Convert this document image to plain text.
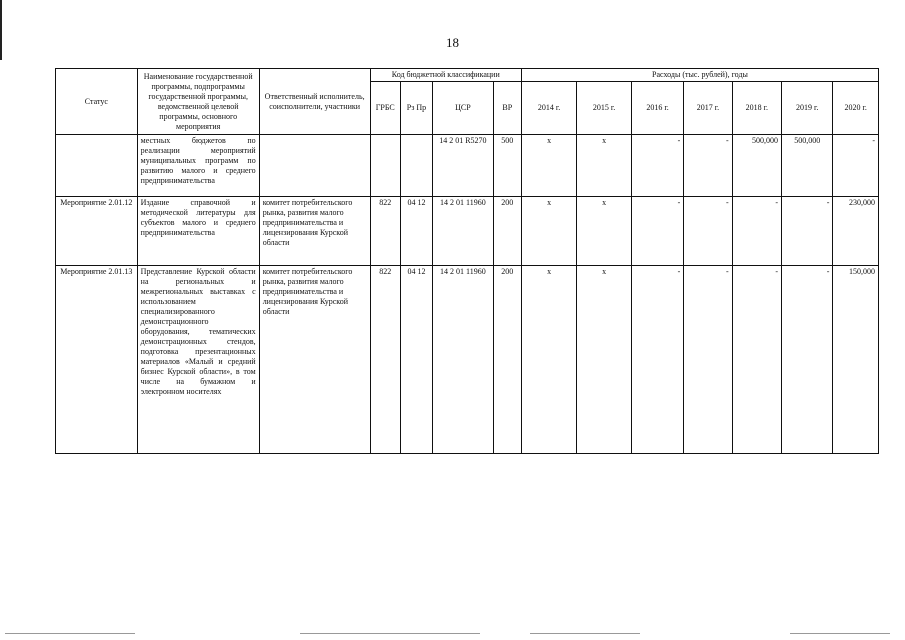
18
Статус	Наименование государственной программы, подпрограммы государственной программы, ведомственной целевой программы, основного мероприятия	Ответственный исполнитель, соисполнители, участники	Код бюджетной классификации				Расходы (тыс. рублей), годы						
			ГРБС	Рз Пр	ЦСР	ВР	2014 г.	2015 г.	2016 г.	2017 г.	2018 г.	2019 г.	2020 г.
	местных бюджетов по реализации мероприятий муниципальных программ по развитию малого и среднего предпринимательства				14 2 01 R5270	500	x	x	-	-	500,000	500,000	-
Мероприятие 2.01.12	Издание справочной и методической литературы для субъектов малого и среднего предпринимательства	комитет потребительского рынка, развития малого предпринимательства и лицензирования Курской области	822	04 12	14 2 01 11960	200	x	x	-	-	-	-	230,000
Мероприятие 2.01.13	Представление Курской области на региональных и межрегиональных выставках с использованием специализированного демонстрационного оборудования, тематических демонстрационных стендов, подготовка презентационных материалов «Малый и средний бизнес Курской области», в том числе на бумажном и электронном носителях	комитет потребительского рынка, развития малого предпринимательства и лицензирования Курской области	822	04 12	14 2 01 11960	200	x	x	-	-	-	-	150,000
